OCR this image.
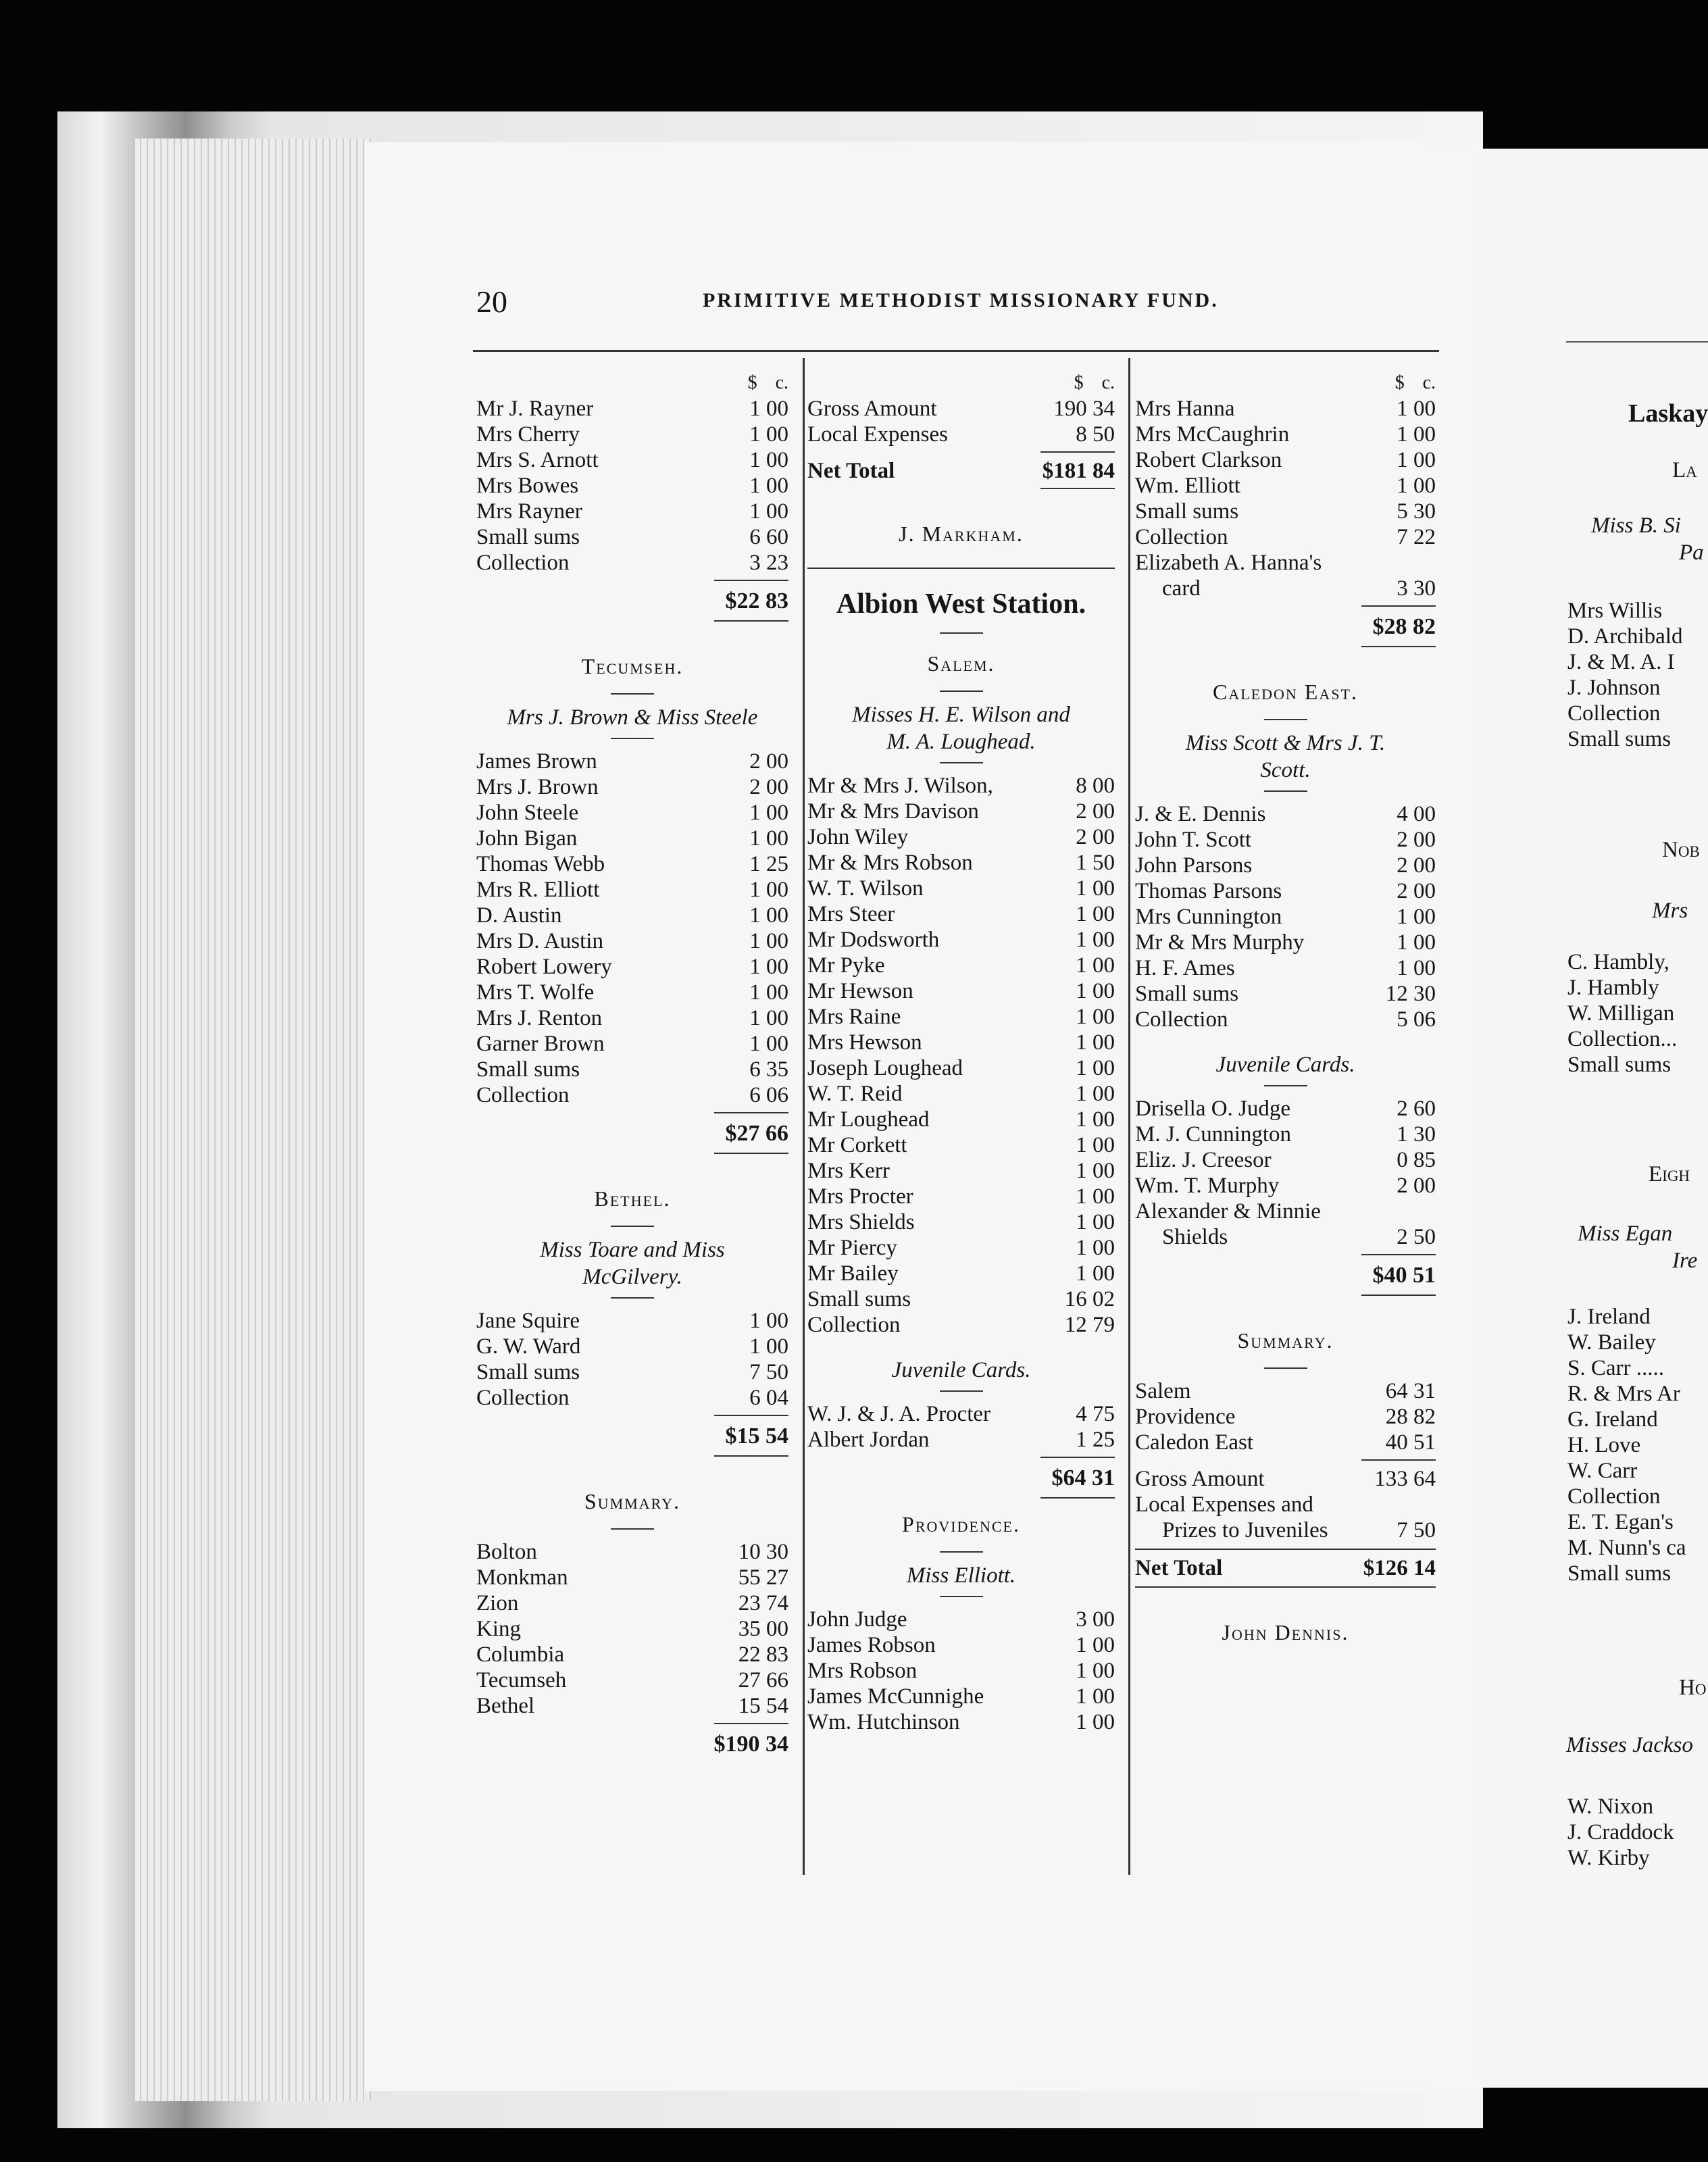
20	PRIMITIVE METHODIST MISSIONARY FUND.
$ c.
Mr J. Rayner	1 00
Mrs Cherry	1 00
Mrs S. Arnott	1 00
Mrs Bowes	1 00
Mrs Rayner	1 00
Small sums	6 60
Collection	3 23
$22 83
Tecumseh.
Mrs J. Brown & Miss Steele
James Brown	2 00
Mrs J. Brown	2 00
John Steele	1 00
John Bigan	1 00
Thomas Webb	1 25
Mrs R. Elliott	1 00
D. Austin	1 00
Mrs D. Austin	1 00
Robert Lowery	1 00
Mrs T. Wolfe	1 00
Mrs J. Renton	1 00
Garner Brown	1 00
Small sums	6 35
Collection	6 06
$27 66
Bethel.
Miss Toare and Miss
McGilvery.
Jane Squire	1 00
G. W. Ward	1 00
Small sums	7 50
Collection	6 04
$15 54
Summary.
Bolton	10 30
Monkman	55 27
Zion	23 74
King	35 00
Columbia	22 83
Tecumseh	27 66
Bethel	15 54
$190 34
$ c.
Gross Amount	190 34
Local Expenses	8 50
Net Total	$181 84
J. Markham.
Albion West Station.
Salem.
Misses H. E. Wilson and
M. A. Loughead.
Mr & Mrs J. Wilson,	8 00
Mr & Mrs Davison	2 00
John Wiley	2 00
Mr & Mrs Robson	1 50
W. T. Wilson	1 00
Mrs Steer	1 00
Mr Dodsworth	1 00
Mr Pyke	1 00
Mr Hewson	1 00
Mrs Raine	1 00
Mrs Hewson	1 00
Joseph Loughead	1 00
W. T. Reid	1 00
Mr Loughead	1 00
Mr Corkett	1 00
Mrs Kerr	1 00
Mrs Procter	1 00
Mrs Shields	1 00
Mr Piercy	1 00
Mr Bailey	1 00
Small sums	16 02
Collection	12 79
Juvenile Cards.
W. J. & J. A. Procter	4 75
Albert Jordan	1 25
$64 31
Providence.
Miss Elliott.
John Judge	3 00
James Robson	1 00
Mrs Robson	1 00
James McCunnighe	1 00
Wm. Hutchinson	1 00
$ c.
Mrs Hanna	1 00
Mrs McCaughrin	1 00
Robert Clarkson	1 00
Wm. Elliott	1 00
Small sums	5 30
Collection	7 22
Elizabeth A. Hanna's
card	3 30
$28 82
Caledon East.
Miss Scott & Mrs J. T.
Scott.
J. & E. Dennis	4 00
John T. Scott	2 00
John Parsons	2 00
Thomas Parsons	2 00
Mrs Cunnington	1 00
Mr & Mrs Murphy	1 00
H. F. Ames	1 00
Small sums	12 30
Collection	5 06
Juvenile Cards.
Drisella O. Judge	2 60
M. J. Cunnington	1 30
Eliz. J. Creesor	0 85
Wm. T. Murphy	2 00
Alexander & Minnie
Shields	2 50
$40 51
Summary.
Salem	64 31
Providence	28 82
Caledon East	40 51
Gross Amount	133 64
Local Expenses and
Prizes to Juveniles	7 50
Net Total	$126 14
John Dennis.
Laskay
La
Miss B. Si
Pa
Mrs Willis
D. Archibald
J. & M. A. I
J. Johnson
Collection
Small sums
Nob
Mrs
C. Hambly,
J. Hambly
W. Milligan
Collection...
Small sums
Eigh
Miss Egan
Ire
J. Ireland
W. Bailey
S. Carr .....
R. & Mrs Ar
G. Ireland
H. Love
W. Carr
Collection
E. T. Egan's
M. Nunn's ca
Small sums
Ho
Misses Jackso
W. Nixon
J. Craddock
W. Kirby
